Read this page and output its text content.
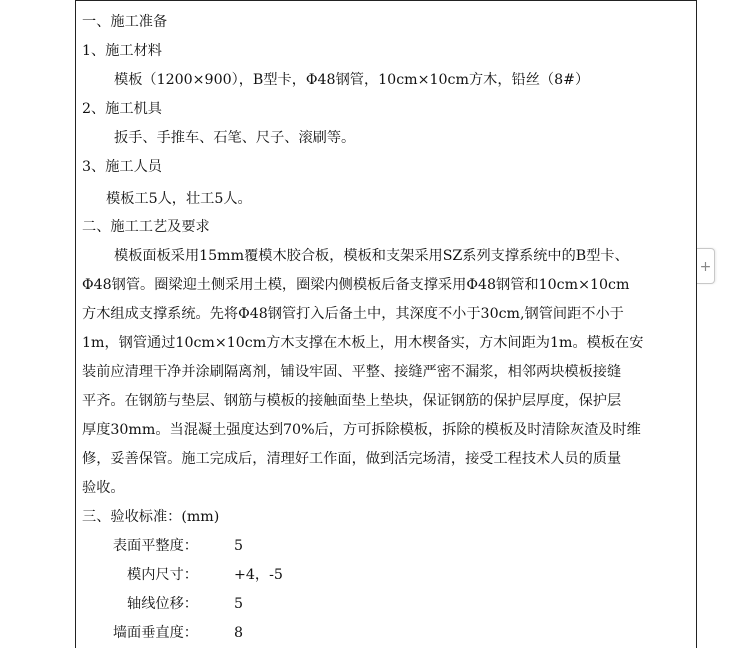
一、施工准备
1、施工材料
模板（1200×900），B型卡，Φ48钢管，10cm×10cm方木，铅丝（8#）
2、施工机具
扳手、手推车、石笔、尺子、滚刷等。
3、施工人员
模板工5人，壮工5人。
二、施工工艺及要求
模板面板采用15mm覆模木胶合板，模板和支架采用SZ系列支撑系统中的B型卡、
Φ48钢管。圈梁迎土侧采用土模，圈梁内侧模板后备支撑采用Φ48钢管和10cm×10cm
方木组成支撑系统。先将Φ48钢管打入后备土中，其深度不小于30cm,钢管间距不小于
1m，钢管通过10cm×10cm方木支撑在木板上，用木楔备实，方木间距为1m。模板在安
装前应清理干净并涂刷隔离剂，铺设牢固、平整、接缝严密不漏浆，相邻两块模板接缝
平齐。在钢筋与垫层、钢筋与模板的接触面垫上垫块，保证钢筋的保护层厚度，保护层
厚度30mm。当混凝土强度达到70%后，方可拆除模板，拆除的模板及时清除灰渣及时维
修，妥善保管。施工完成后，清理好工作面，做到活完场清，接受工程技术人员的质量
验收。
三、验收标准：(mm)
表面平整度：	5
模内尺寸：	+4，-5
轴线位移：	5
墙面垂直度：	8
+
